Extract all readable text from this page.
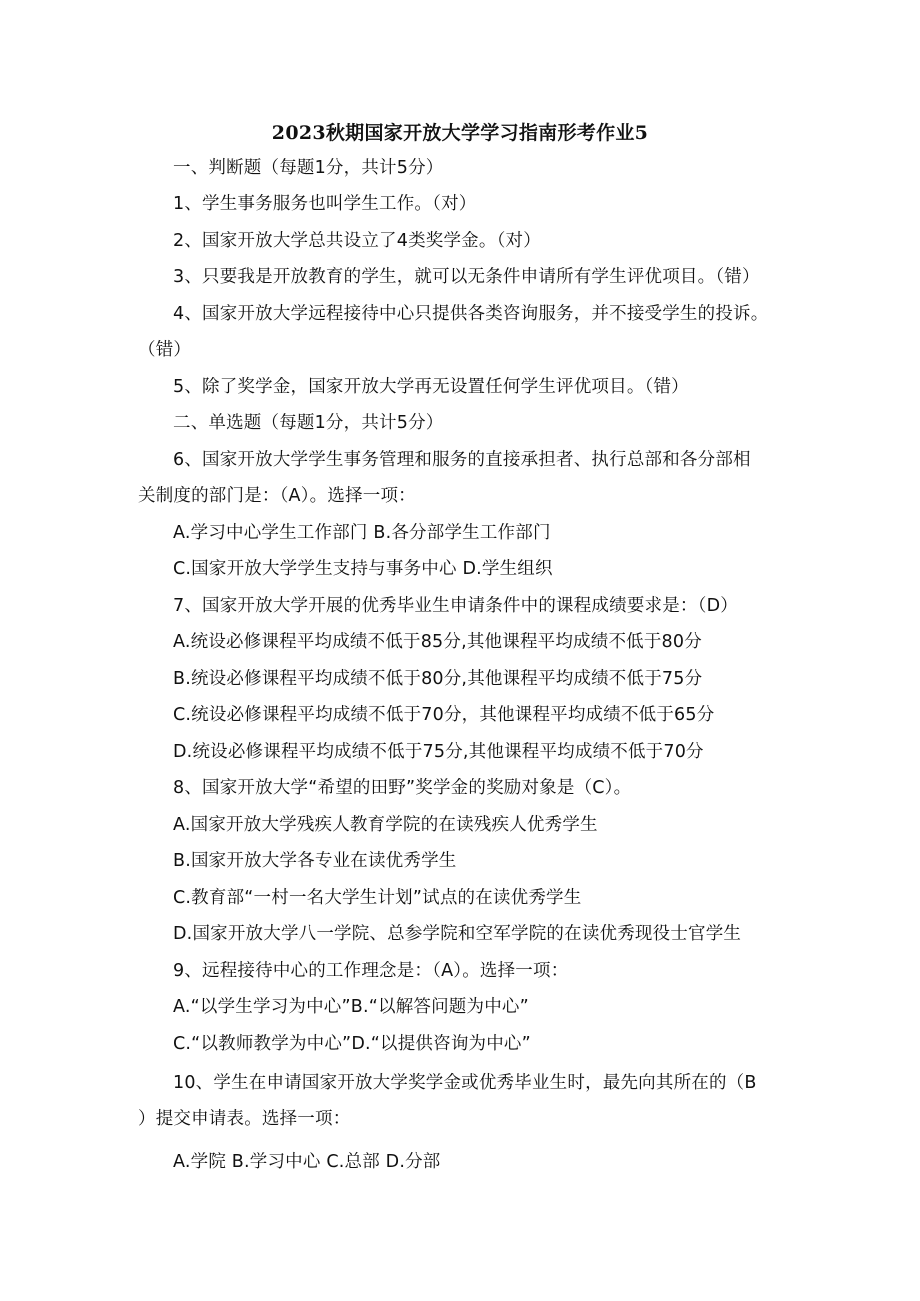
2023秋期国家开放大学学习指南形考作业5
一、判断题（每题1分，共计5分）
1、学生事务服务也叫学生工作。（对）
2、国家开放大学总共设立了4类奖学金。（对）
3、只要我是开放教育的学生，就可以无条件申请所有学生评优项目。（错）
4、国家开放大学远程接待中心只提供各类咨询服务，并不接受学生的投诉。
（错）
5、除了奖学金，国家开放大学再无设置任何学生评优项目。（错）
二、单选题（每题1分，共计5分）
6、国家开放大学学生事务管理和服务的直接承担者、执行总部和各分部相
关制度的部门是：（A）。选择一项：
A.学习中心学生工作部门 B.各分部学生工作部门
C.国家开放大学学生支持与事务中心 D.学生组织
7、国家开放大学开展的优秀毕业生申请条件中的课程成绩要求是：（D）
A.统设必修课程平均成绩不低于85分,其他课程平均成绩不低于80分
B.统设必修课程平均成绩不低于80分,其他课程平均成绩不低于75分
C.统设必修课程平均成绩不低于70分，其他课程平均成绩不低于65分
D.统设必修课程平均成绩不低于75分,其他课程平均成绩不低于70分
8、国家开放大学“希望的田野”奖学金的奖励对象是（C）。
A.国家开放大学残疾人教育学院的在读残疾人优秀学生
B.国家开放大学各专业在读优秀学生
C.教育部“一村一名大学生计划”试点的在读优秀学生
D.国家开放大学八一学院、总参学院和空军学院的在读优秀现役士官学生
9、远程接待中心的工作理念是：（A）。选择一项：
A.“以学生学习为中心”B.“以解答问题为中心”
C.“以教师教学为中心”D.“以提供咨询为中心”
10、学生在申请国家开放大学奖学金或优秀毕业生时，最先向其所在的（B
）提交申请表。选择一项：
A.学院 B.学习中心 C.总部 D.分部
